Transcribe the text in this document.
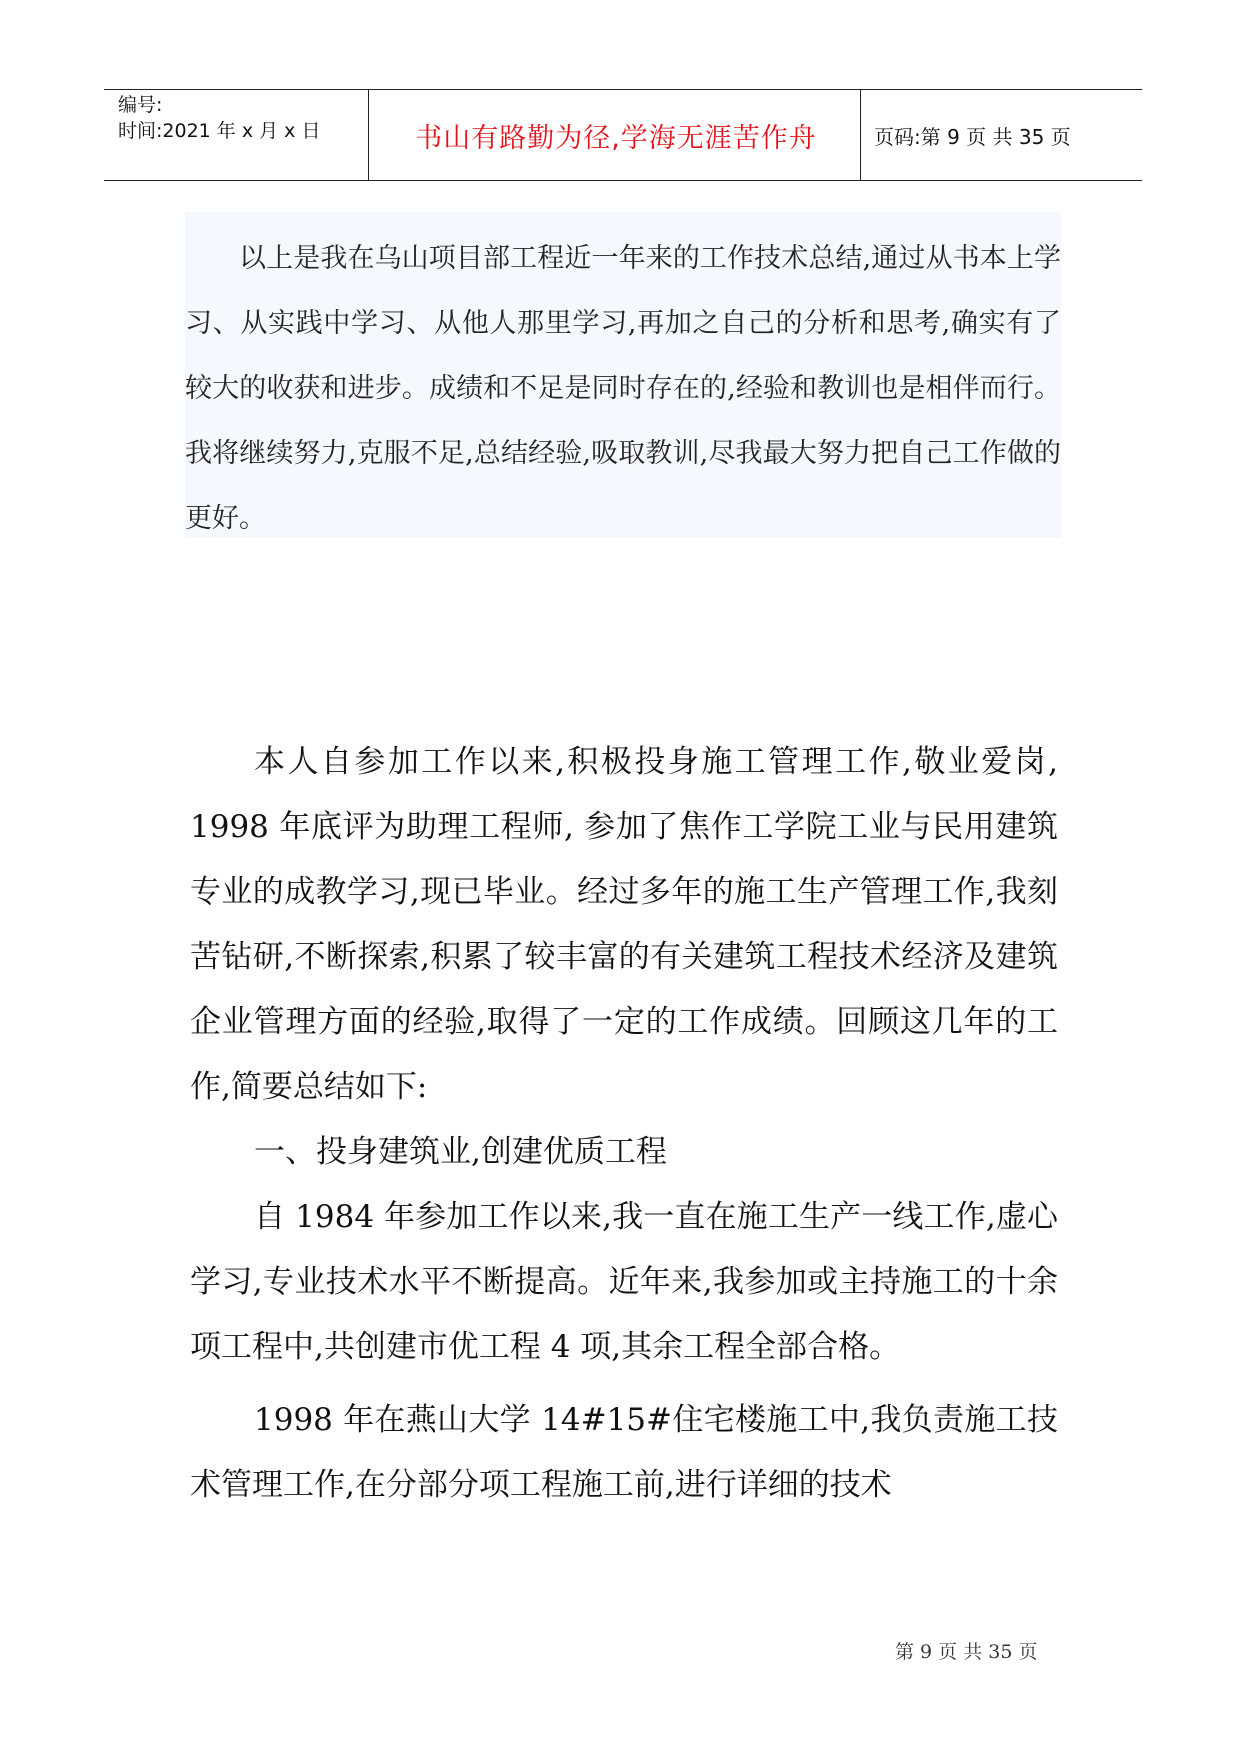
编号:
时间:2021 年 x 月 x 日	书山有路勤为径,学海无涯苦作舟	页码:第 9 页 共 35 页

以上是我在乌山项目部工程近一年来的工作技术总结,通过从书本上学习、从实践中学习、从他人那里学习,再加之自己的分析和思考,确实有了较大的收获和进步。成绩和不足是同时存在的,经验和教训也是相伴而行。我将继续努力,克服不足,总结经验,吸取教训,尽我最大努力把自己工作做的更好。

本人自参加工作以来,积极投身施工管理工作,敬业爱岗, 1998 年底评为助理工程师, 参加了焦作工学院工业与民用建筑专业的成教学习,现已毕业。经过多年的施工生产管理工作,我刻苦钻研,不断探索,积累了较丰富的有关建筑工程技术经济及建筑企业管理方面的经验,取得了一定的工作成绩。回顾这几年的工作,简要总结如下:

一、投身建筑业,创建优质工程

自 1984 年参加工作以来,我一直在施工生产一线工作,虚心学习,专业技术水平不断提高。近年来,我参加或主持施工的十余项工程中,共创建市优工程 4 项,其余工程全部合格。

1998 年在燕山大学 14#15#住宅楼施工中,我负责施工技术管理工作,在分部分项工程施工前,进行详细的技术

第 9 页 共 35 页
